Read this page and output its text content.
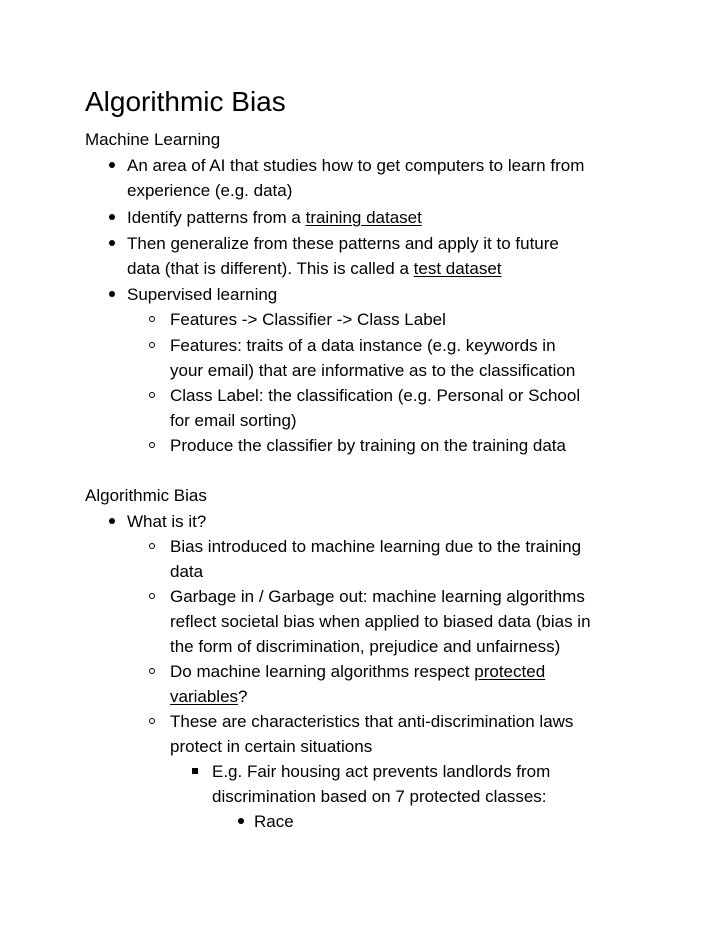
Algorithmic Bias
Machine Learning
An area of AI that studies how to get computers to learn from
experience (e.g. data)
Identify patterns from a training dataset
Then generalize from these patterns and apply it to future
data (that is different). This is called a test dataset
Supervised learning
Features -> Classifier -> Class Label
Features: traits of a data instance (e.g. keywords in
your email) that are informative as to the classification
Class Label: the classification (e.g. Personal or School
for email sorting)
Produce the classifier by training on the training data
Algorithmic Bias
What is it?
Bias introduced to machine learning due to the training
data
Garbage in / Garbage out: machine learning algorithms
reflect societal bias when applied to biased data (bias in
the form of discrimination, prejudice and unfairness)
Do machine learning algorithms respect protected
variables?
These are characteristics that anti-discrimination laws
protect in certain situations
E.g. Fair housing act prevents landlords from
discrimination based on 7 protected classes:
Race
